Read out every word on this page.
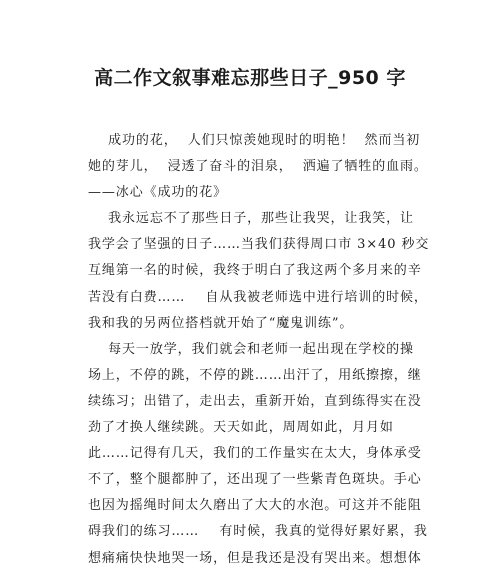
高二作文叙事难忘那些日子_950 字
成功的花，  人们只惊羡她现时的明艳！  然而当初
她的芽儿，  浸透了奋斗的泪泉，  洒遍了牺牲的血雨。
——冰心《成功的花》
我永远忘不了那些日子，那些让我哭，让我笑，让
我学会了坚强的日子……当我们获得周口市 3×40 秒交
互绳第一名的时候，我终于明白了我这两个多月来的辛
苦没有白费……    自从我被老师选中进行培训的时候，
我和我的另两位搭档就开始了“魔鬼训练”。
每天一放学，我们就会和老师一起出现在学校的操
场上，不停的跳，不停的跳……出汗了，用纸擦擦，继
续练习；出错了，走出去，重新开始，直到练得实在没
劲了才换人继续跳。天天如此，周周如此，月月如
此……记得有几天，我们的工作量实在太大，身体承受
不了，整个腿都肿了，还出现了一些紫青色斑块。手心
也因为摇绳时间太久磨出了大大的水泡。可这并不能阻
碍我们的练习……    有时候，我真的觉得好累好累，我
想痛痛快快地哭一场，但是我还是没有哭出来。想想体
